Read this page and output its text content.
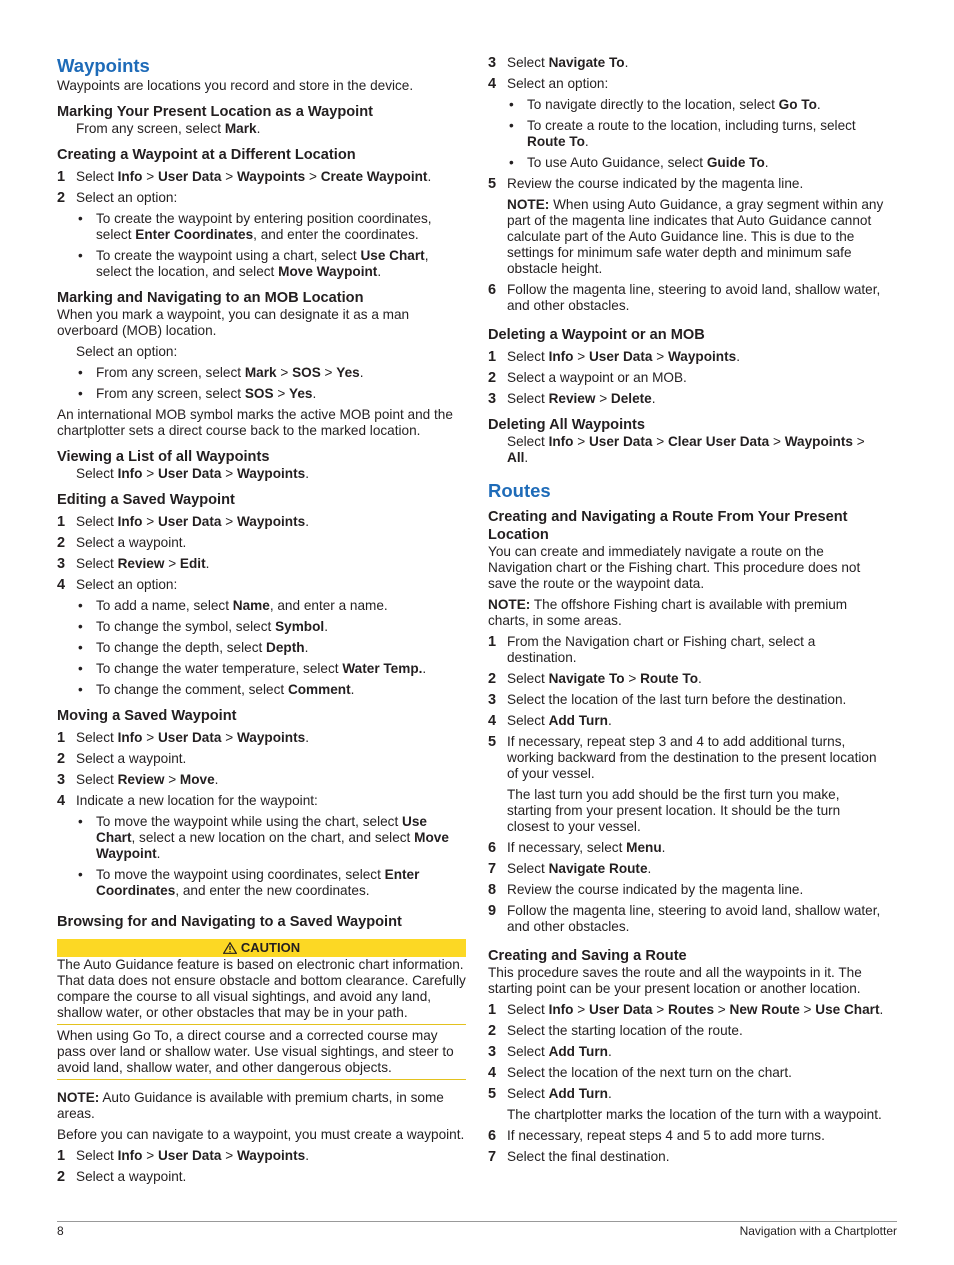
Waypoints

Waypoints are locations you record and store in the device.

Marking Your Present Location as a Waypoint

From any screen, select Mark.

Creating a Waypoint at a Different Location
1 Select Info > User Data > Waypoints > Create Waypoint.
2 Select an option:
• To create the waypoint by entering position coordinates, select Enter Coordinates, and enter the coordinates.
• To create the waypoint using a chart, select Use Chart, select the location, and select Move Waypoint.
Marking and Navigating to an MOB Location

When you mark a waypoint, you can designate it as a man overboard (MOB) location.

Select an option:

• From any screen, select Mark > SOS > Yes.
• From any screen, select SOS > Yes.

An international MOB symbol marks the active MOB point and the chartplotter sets a direct course back to the marked location.

Viewing a List of all Waypoints

Select Info > User Data > Waypoints.

Editing a Saved Waypoint
1 Select Info > User Data > Waypoints.
2 Select a waypoint.
3 Select Review > Edit.
4 Select an option:
• To add a name, select Name, and enter a name.
• To change the symbol, select Symbol.
• To change the depth, select Depth.
• To change the water temperature, select Water Temp..
• To change the comment, select Comment.
Moving a Saved Waypoint
1 Select Info > User Data > Waypoints.
2 Select a waypoint.
3 Select Review > Move.
4 Indicate a new location for the waypoint:
• To move the waypoint while using the chart, select Use Chart, select a new location on the chart, and select Move Waypoint.
• To move the waypoint using coordinates, select Enter Coordinates, and enter the new coordinates.
Browsing for and Navigating to a Saved Waypoint
CAUTION

The Auto Guidance feature is based on electronic chart information. That data does not ensure obstacle and bottom clearance. Carefully compare the course to all visual sightings, and avoid any land, shallow water, or other obstacles that may be in your path.

When using Go To, a direct course and a corrected course may pass over land or shallow water. Use visual sightings, and steer to avoid land, shallow water, and other dangerous objects.

NOTE: Auto Guidance is available with premium charts, in some areas.

Before you can navigate to a waypoint, you must create a waypoint.

1 Select Info > User Data > Waypoints.
2 Select a waypoint.
3 Select Navigate To.
4 Select an option:
• To navigate directly to the location, select Go To.
• To create a route to the location, including turns, select Route To.
• To use Auto Guidance, select Guide To.
5 Review the course indicated by the magenta line.

NOTE: When using Auto Guidance, a gray segment within any part of the magenta line indicates that Auto Guidance cannot calculate part of the Auto Guidance line. This is due to the settings for minimum safe water depth and minimum safe obstacle height.

6 Follow the magenta line, steering to avoid land, shallow water, and other obstacles.
Deleting a Waypoint or an MOB
1 Select Info > User Data > Waypoints.
2 Select a waypoint or an MOB.
3 Select Review > Delete.
Deleting All Waypoints

Select Info > User Data > Clear User Data > Waypoints > All.

Routes
Creating and Navigating a Route From Your Present Location

You can create and immediately navigate a route on the Navigation chart or the Fishing chart. This procedure does not save the route or the waypoint data.

NOTE: The offshore Fishing chart is available with premium charts, in some areas.

1 From the Navigation chart or Fishing chart, select a destination.
2 Select Navigate To > Route To.
3 Select the location of the last turn before the destination.
4 Select Add Turn.
5 If necessary, repeat step 3 and 4 to add additional turns, working backward from the destination to the present location of your vessel.

The last turn you add should be the first turn you make, starting from your present location. It should be the turn closest to your vessel.

6 If necessary, select Menu.
7 Select Navigate Route.
8 Review the course indicated by the magenta line.
9 Follow the magenta line, steering to avoid land, shallow water, and other obstacles.
Creating and Saving a Route

This procedure saves the route and all the waypoints in it. The starting point can be your present location or another location.

1 Select Info > User Data > Routes > New Route > Use Chart.
2 Select the starting location of the route.
3 Select Add Turn.
4 Select the location of the next turn on the chart.
5 Select Add Turn.

The chartplotter marks the location of the turn with a waypoint.

6 If necessary, repeat steps 4 and 5 to add more turns.
7 Select the final destination.
8	Navigation with a Chartplotter
